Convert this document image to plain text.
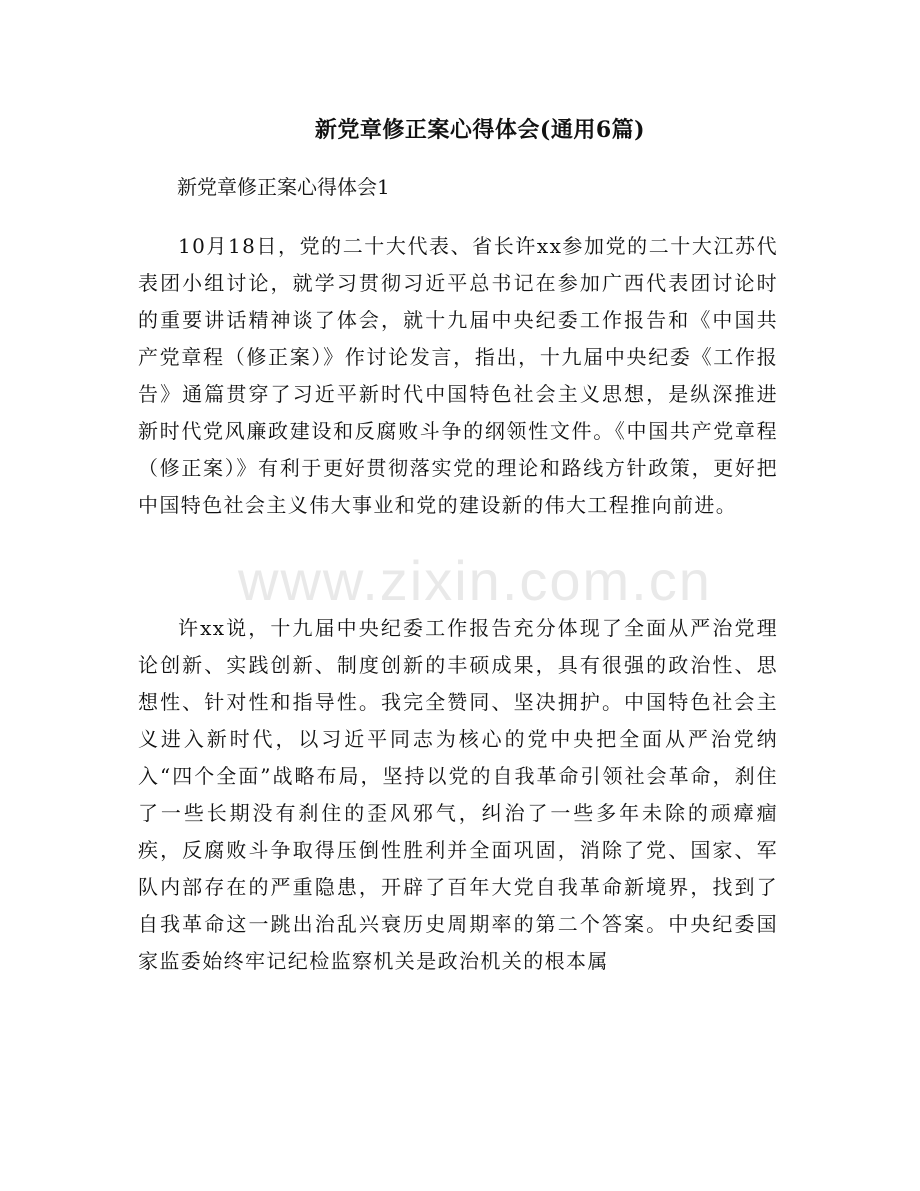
新党章修正案心得体会(通用6篇)

新党章修正案心得体会1

10月18日，党的二十大代表、省长许xx参加党的二十大江苏代表团小组讨论，就学习贯彻习近平总书记在参加广西代表团讨论时的重要讲话精神谈了体会，就十九届中央纪委工作报告和《中国共产党章程（修正案）》作讨论发言，指出，十九届中央纪委《工作报告》通篇贯穿了习近平新时代中国特色社会主义思想，是纵深推进新时代党风廉政建设和反腐败斗争的纲领性文件。《中国共产党章程（修正案）》有利于更好贯彻落实党的理论和路线方针政策，更好把中国特色社会主义伟大事业和党的建设新的伟大工程推向前进。

许xx说，十九届中央纪委工作报告充分体现了全面从严治党理论创新、实践创新、制度创新的丰硕成果，具有很强的政治性、思想性、针对性和指导性。我完全赞同、坚决拥护。中国特色社会主义进入新时代，以习近平同志为核心的党中央把全面从严治党纳入“四个全面”战略布局，坚持以党的自我革命引领社会革命，刹住了一些长期没有刹住的歪风邪气，纠治了一些多年未除的顽瘴痼疾，反腐败斗争取得压倒性胜利并全面巩固，消除了党、国家、军队内部存在的严重隐患，开辟了百年大党自我革命新境界，找到了自我革命这一跳出治乱兴衰历史周期率的第二个答案。中央纪委国家监委始终牢记纪检监察机关是政治机关的根本属

www.zixin.com.cn
